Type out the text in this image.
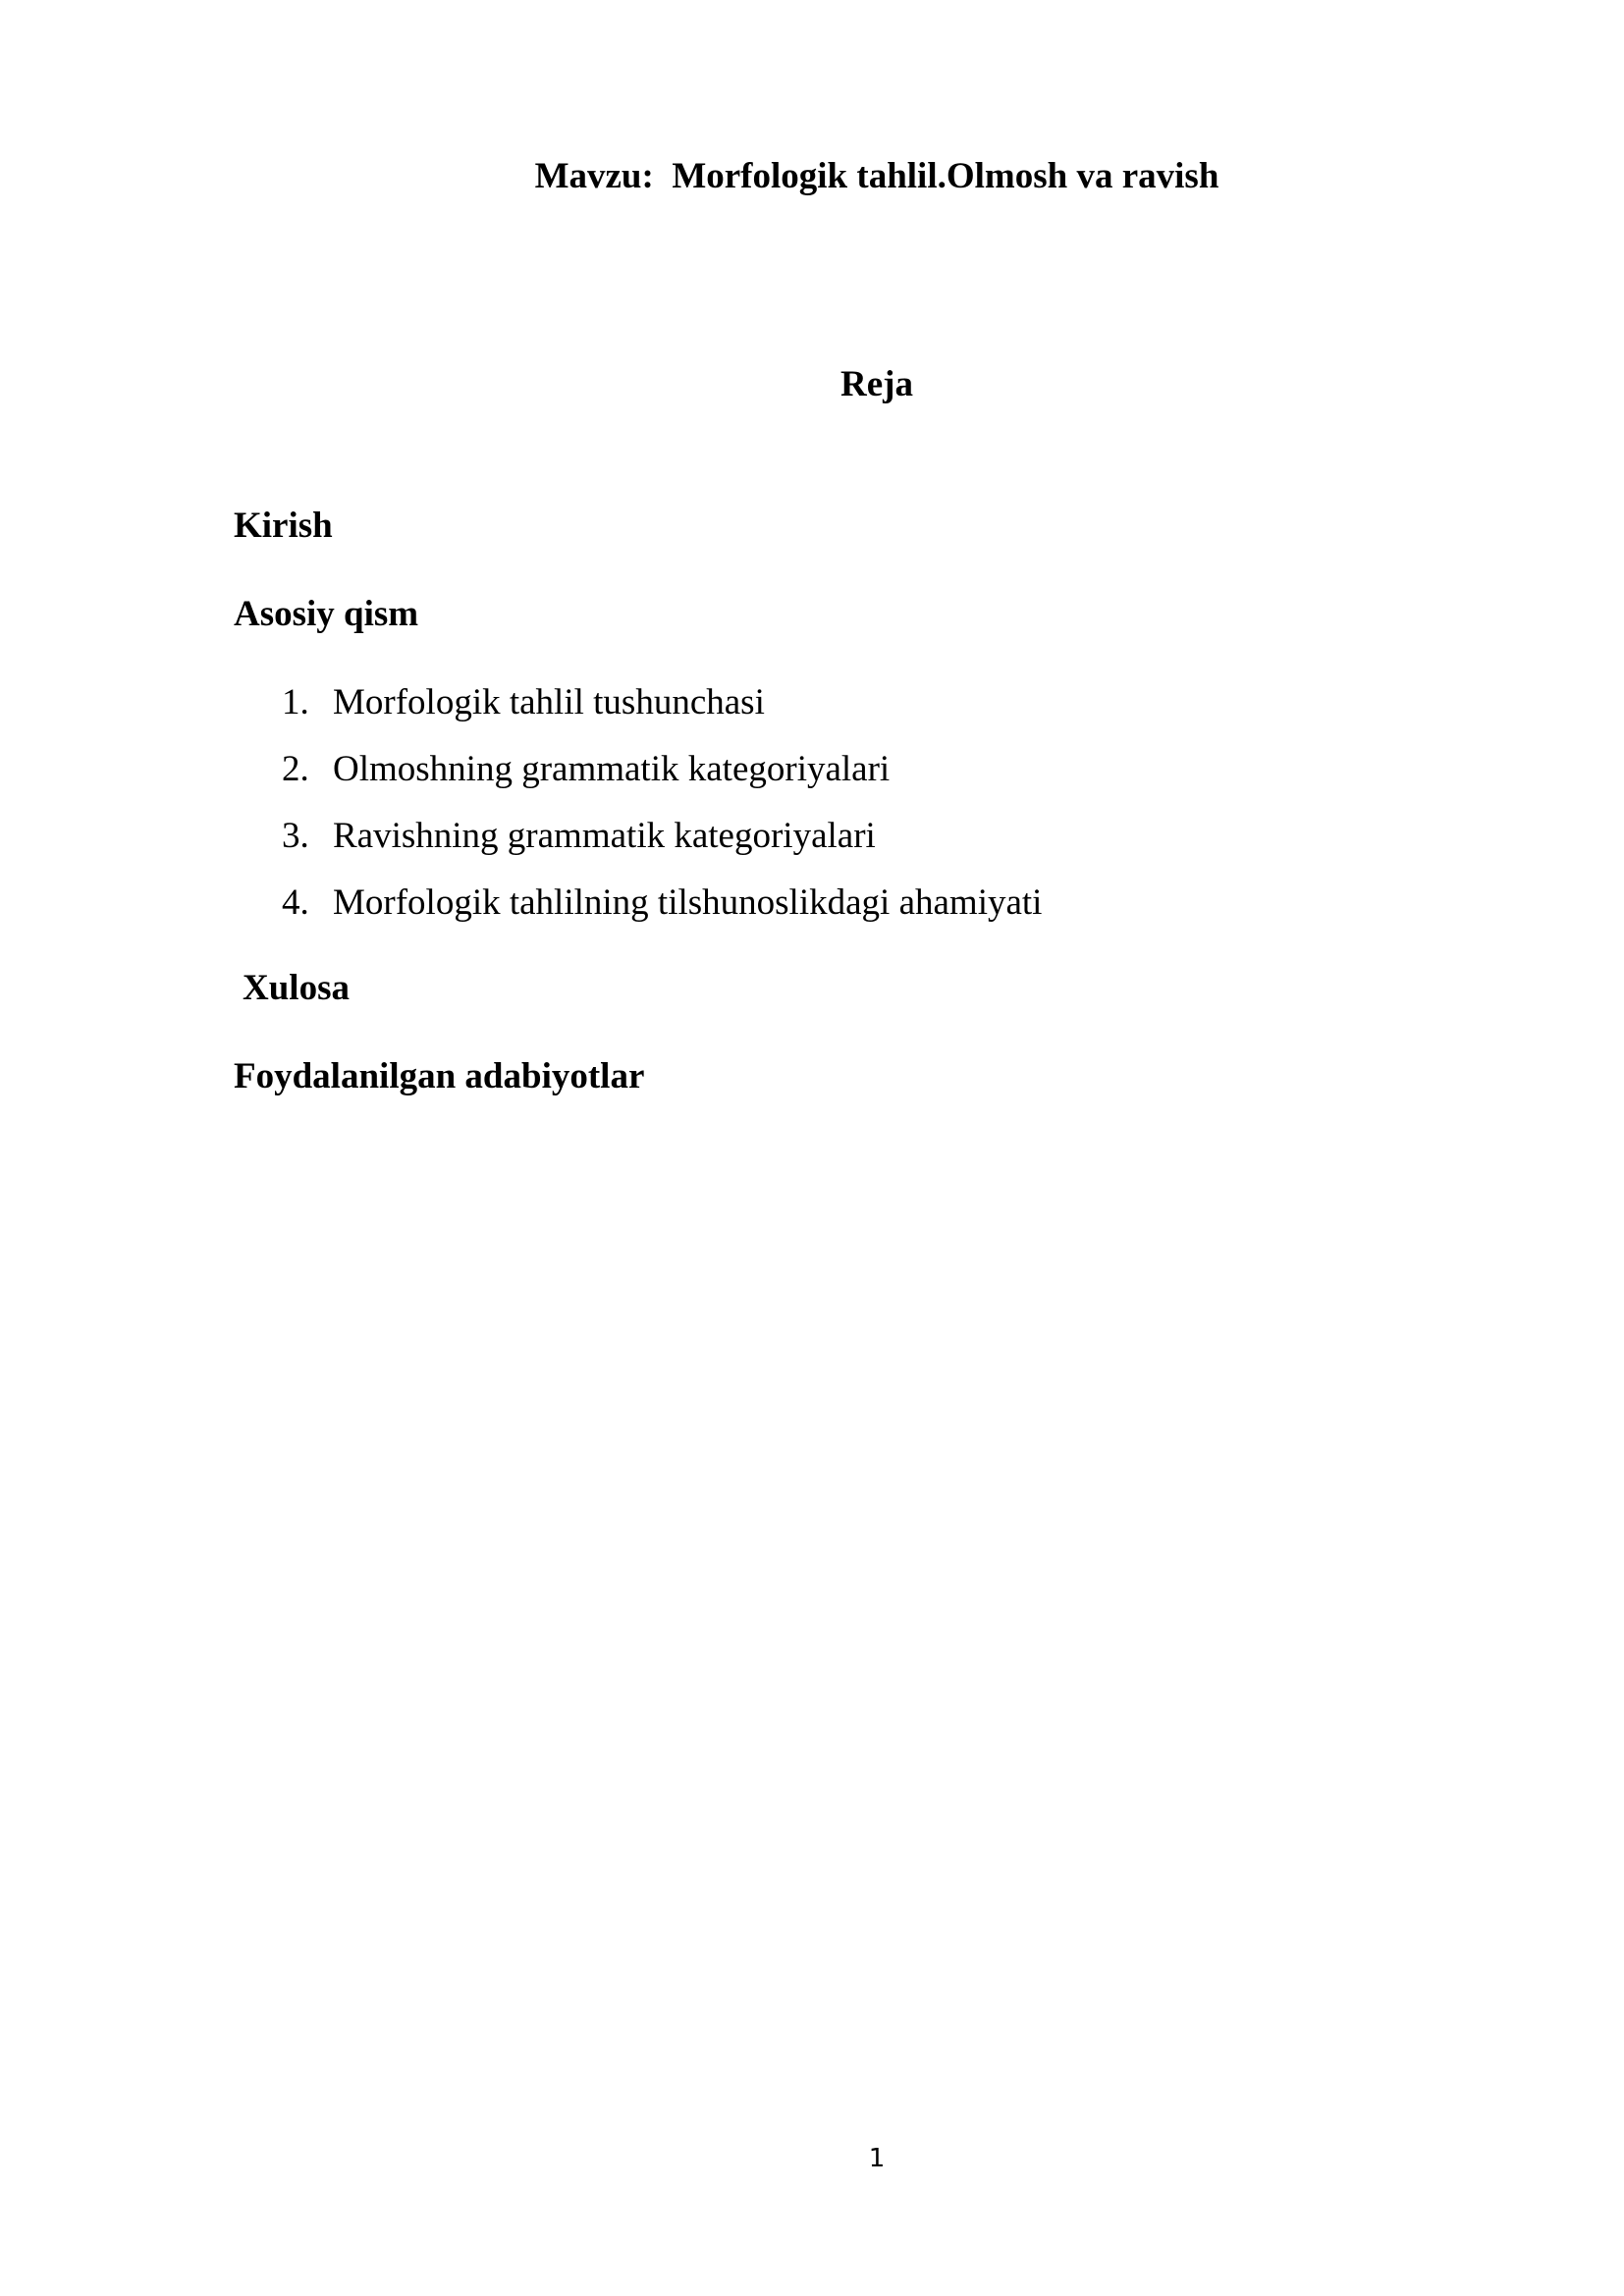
Mavzu:  Morfologik tahlil.Olmosh va ravish
Reja
Kirish
Asosiy qism
1. Morfologik tahlil tushunchasi
2. Olmoshning grammatik kategoriyalari
3. Ravishning grammatik kategoriyalari
4. Morfologik tahlilning tilshunoslikdagi ahamiyati
Xulosa
Foydalanilgan adabiyotlar
1
